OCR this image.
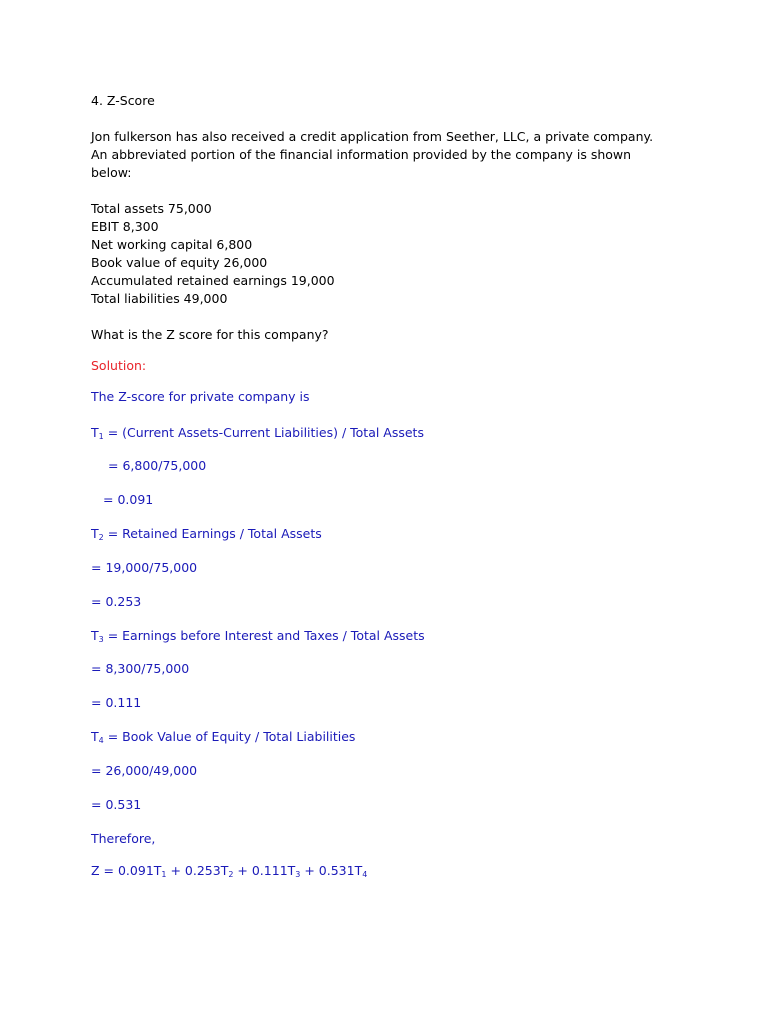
4. Z-Score
Jon fulkerson has also received a credit application from Seether, LLC, a private company.
An abbreviated portion of the financial information provided by the company is shown
below:
Total assets 75,000
EBIT 8,300
Net working capital 6,800
Book value of equity 26,000
Accumulated retained earnings 19,000
Total liabilities 49,000
What is the Z score for this company?
Solution:
The Z-score for private company is
T1 = (Current Assets-Current Liabilities) / Total Assets
= 6,800/75,000
= 0.091
T2 = Retained Earnings / Total Assets
= 19,000/75,000
= 0.253
T3 = Earnings before Interest and Taxes / Total Assets
= 8,300/75,000
= 0.111
T4 = Book Value of Equity / Total Liabilities
= 26,000/49,000
= 0.531
Therefore,
Z = 0.091T1 + 0.253T2 + 0.111T3 + 0.531T4
